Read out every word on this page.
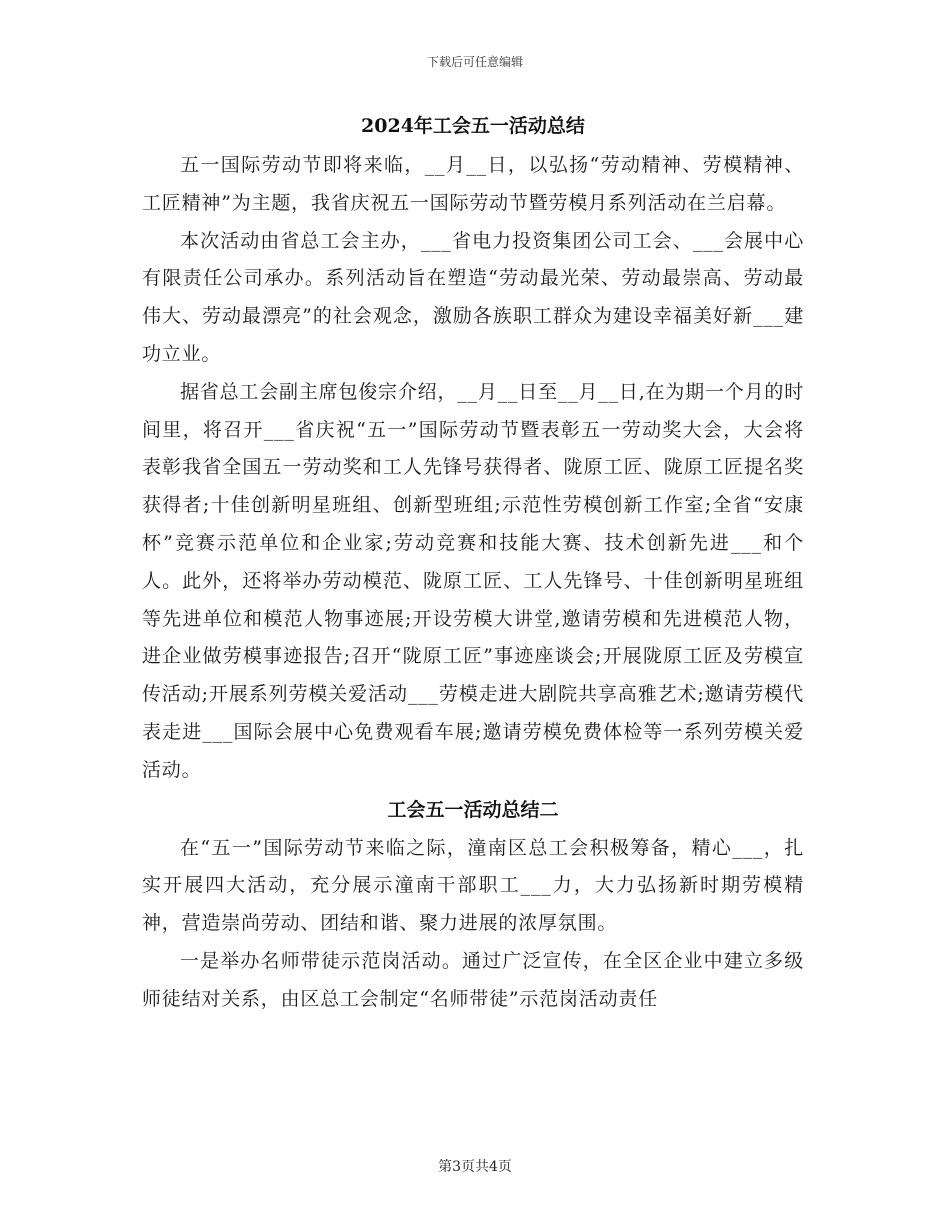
下载后可任意编辑
2024年工会五一活动总结

五一国际劳动节即将来临，__月__日，以弘扬“劳动精神、劳模精神、工匠精神”为主题，我省庆祝五一国际劳动节暨劳模月系列活动在兰启幕。

本次活动由省总工会主办，___省电力投资集团公司工会、___会展中心有限责任公司承办。系列活动旨在塑造“劳动最光荣、劳动最崇高、劳动最伟大、劳动最漂亮”的社会观念，激励各族职工群众为建设幸福美好新___建功立业。

据省总工会副主席包俊宗介绍，__月__日至__月__日,在为期一个月的时间里，将召开___省庆祝“五一”国际劳动节暨表彰五一劳动奖大会，大会将表彰我省全国五一劳动奖和工人先锋号获得者、陇原工匠、陇原工匠提名奖获得者;十佳创新明星班组、创新型班组;示范性劳模创新工作室;全省“安康杯”竞赛示范单位和企业家;劳动竞赛和技能大赛、技术创新先进___和个人。此外，还将举办劳动模范、陇原工匠、工人先锋号、十佳创新明星班组等先进单位和模范人物事迹展;开设劳模大讲堂,邀请劳模和先进模范人物，进企业做劳模事迹报告;召开“陇原工匠”事迹座谈会;开展陇原工匠及劳模宣传活动;开展系列劳模关爱活动___劳模走进大剧院共享高雅艺术;邀请劳模代表走进___国际会展中心免费观看车展;邀请劳模免费体检等一系列劳模关爱活动。

工会五一活动总结二

在“五一”国际劳动节来临之际，潼南区总工会积极筹备，精心___，扎实开展四大活动，充分展示潼南干部职工___力，大力弘扬新时期劳模精神，营造崇尚劳动、团结和谐、聚力进展的浓厚氛围。

一是举办名师带徒示范岗活动。通过广泛宣传，在全区企业中建立多级师徒结对关系，由区总工会制定“名师带徒”示范岗活动责任

第3页共4页
